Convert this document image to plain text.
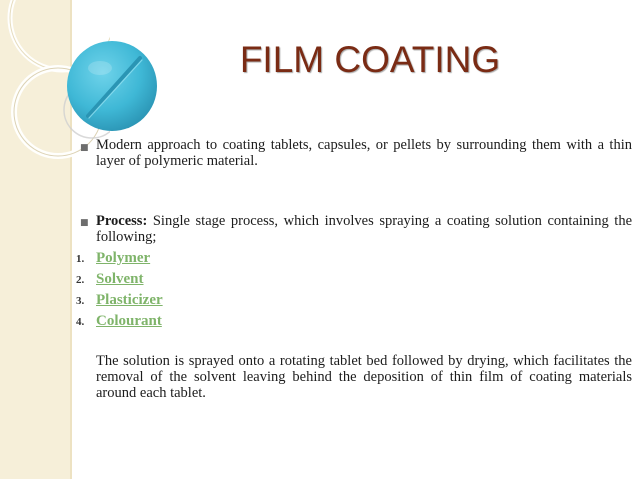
FILM COATING
■ Modern approach to coating tablets, capsules, or pellets by surrounding them with a thin layer of polymeric material.
■ Process: Single stage process, which involves spraying a coating solution containing the following;
1. Polymer
2. Solvent
3. Plasticizer
4. Colourant
The solution is sprayed onto a rotating tablet bed followed by drying, which facilitates the removal of the solvent leaving behind the deposition of thin film of coating materials around each tablet.
